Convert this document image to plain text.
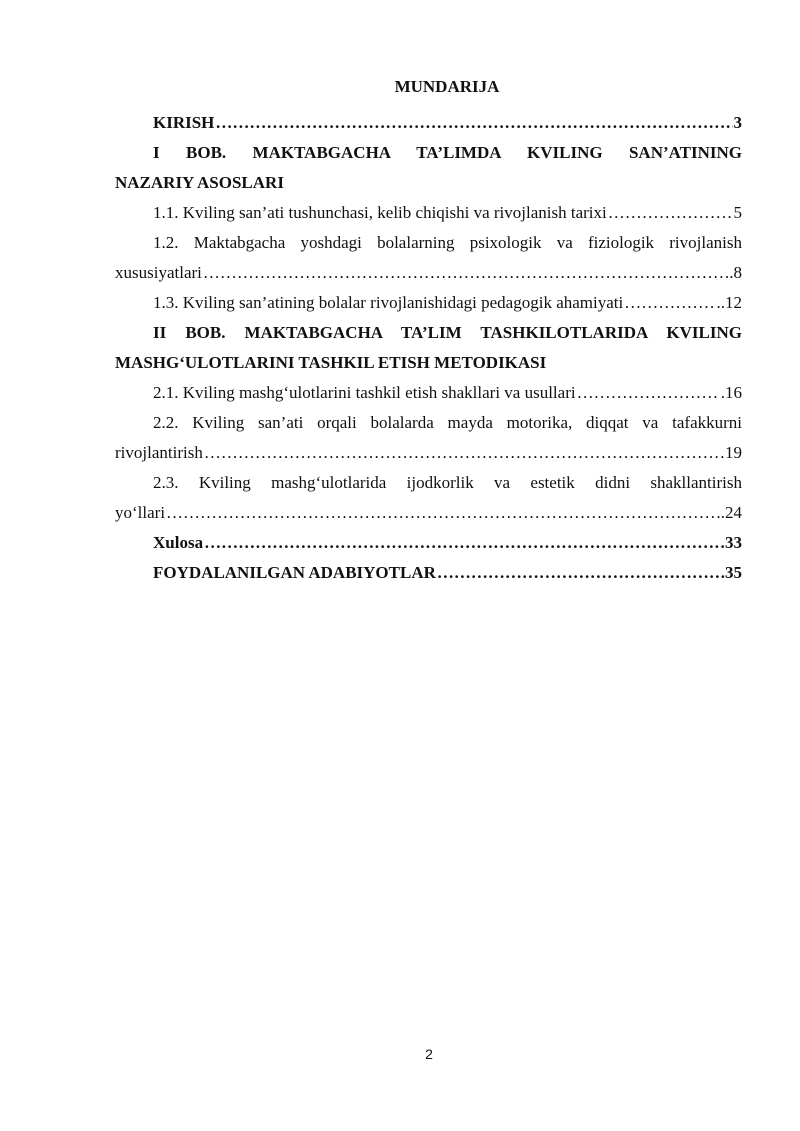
MUNDARIJA
KIRISH ……………………………………………………………………………………………………………………………………………………………………………………	3
I BOB. MAKTABGACHA TA’LIMDA KVILING SAN’ATINING
NAZARIY ASOSLARI
1.1. Kviling san’ati tushunchasi, kelib chiqishi va rivojlanish tarixi ……………………………………………………………………………………………………………………………………………………………………………………	5
1.2. Maktabgacha yoshdagi bolalarning psixologik va fiziologik rivojlanish
xususiyatlari ……………………………………………………………………………………………………………………………………………………………………………………	.8
1.3. Kviling san’atining bolalar rivojlanishidagi pedagogik ahamiyati ……………………………………………………………………………………………………………………………………………………………………………………	..12
II BOB. MAKTABGACHA TA’LIM TASHKILOTLARIDA KVILING
MASHG‘ULOTLARINI TASHKIL ETISH METODIKASI
2.1. Kviling mashg‘ulotlarini tashkil etish shakllari va usullari ……………………………………………………………………………………………………………………………………………………………………………………	.16
2.2. Kviling san’ati orqali bolalarda mayda motorika, diqqat va tafakkurni
rivojlantirish ……………………………………………………………………………………………………………………………………………………………………………………	19
2.3. Kviling mashg‘ulotlarida ijodkorlik va estetik didni shakllantirish
yo‘llari ……………………………………………………………………………………………………………………………………………………………………………………	.24
Xulosa ……………………………………………………………………………………………………………………………………………………………………………………	33
FOYDALANILGAN ADABIYOTLAR ……………………………………………………………………………………………………………………………………………………………………………………	.35
2
